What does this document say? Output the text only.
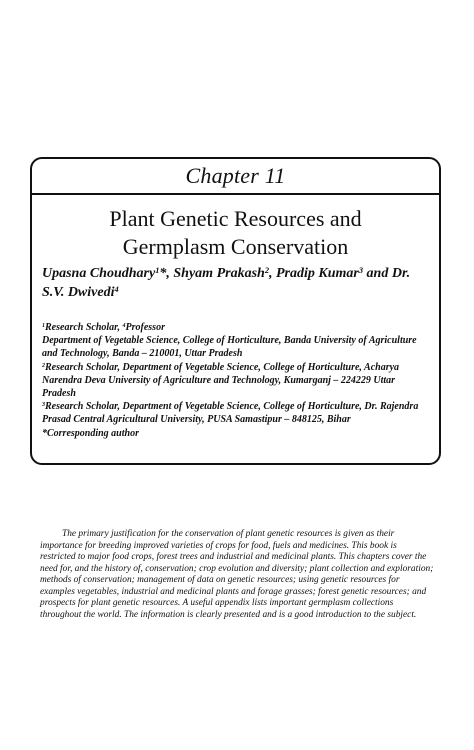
Chapter 11
Plant Genetic Resources and
Germplasm Conservation
Upasna Choudhary$^1$*, Shyam Prakash$^2$, Pradip Kumar$^3$ and Dr. S.V. Dwivedi$^4$

$^1$Research Scholar, $^4$Professor

Department of Vegetable Science, College of Horticulture, Banda University of Agriculture and Technology, Banda – 210001, Uttar Pradesh

$^2$Research Scholar, Department of Vegetable Science, College of Horticulture, Acharya Narendra Deva University of Agriculture and Technology, Kumarganj – 224229 Uttar Pradesh

$^3$Research Scholar, Department of Vegetable Science, College of Horticulture, Dr. Rajendra Prasad Central Agricultural University, PUSA Samastipur – 848125, Bihar

*Corresponding author

The primary justification for the conservation of plant genetic resources is given as their importance for breeding improved varieties of crops for food, fuels and medicines. This book is restricted to major food crops, forest trees and industrial and medicinal plants. This chapters cover the need for, and the history of, conservation; crop evolution and diversity; plant collection and exploration; methods of conservation; management of data on genetic resources; using genetic resources for examples vegetables, industrial and medicinal plants and forage grasses; forest genetic resources; and prospects for plant genetic resources. A useful appendix lists important germplasm collections throughout the world. The information is clearly presented and is a good introduction to the subject.
